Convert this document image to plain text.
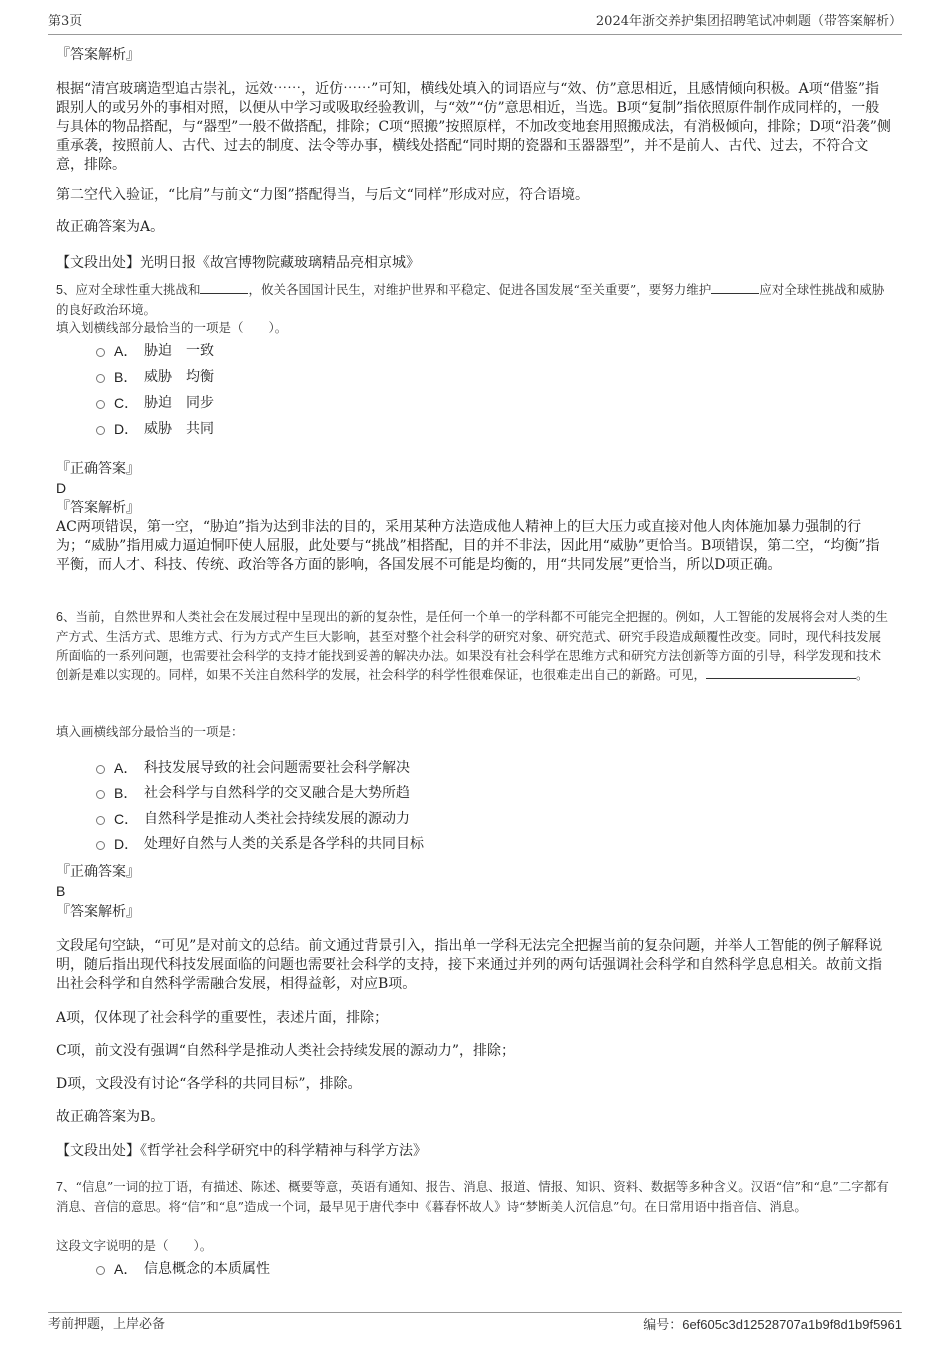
第3页	2024年浙交养护集团招聘笔试冲刺题（带答案解析）

『答案解析』

根据“清宫玻璃造型追古崇礼，远效⋯⋯，近仿⋯⋯”可知，横线处填入的词语应与“效、仿”意思相近，且感情倾向积极。A项“借鉴”指跟别人的或另外的事相对照，以便从中学习或吸取经验教训，与“效”“仿”意思相近，当选。B项“复制”指依照原件制作成同样的，一般与具体的物品搭配，与“器型”一般不做搭配，排除；C项“照搬”按照原样，不加改变地套用照搬成法，有消极倾向，排除；D项“沿袭”侧重承袭，按照前人、古代、过去的制度、法令等办事，横线处搭配“同时期的瓷器和玉器器型”，并不是前人、古代、过去，不符合文意，排除。

第二空代入验证，“比肩”与前文“力图”搭配得当，与后文“同样”形成对应，符合语境。

故正确答案为A。

【文段出处】光明日报《故宫博物院藏玻璃精品亮相京城》

5、应对全球性重大挑战和	，攸关各国国计民生，对维护世界和平稳定、促进各国发展“至关重要”，要努力维护	应对全球性挑战和威胁的良好政治环境。

填入划横线部分最恰当的一项是（　　）。

A． 胁迫　一致
B． 威胁　均衡
C． 胁迫　同步
D． 威胁　共同

『正确答案』

D

『答案解析』

AC两项错误，第一空，“胁迫”指为达到非法的目的，采用某种方法造成他人精神上的巨大压力或直接对他人肉体施加暴力强制的行为；“威胁”指用威力逼迫恫吓使人屈服，此处要与“挑战”相搭配，目的并不非法，因此用“威胁”更恰当。B项错误，第二空，“均衡”指平衡，而人才、科技、传统、政治等各方面的影响，各国发展不可能是均衡的，用“共同发展”更恰当，所以D项正确。

6、当前，自然世界和人类社会在发展过程中呈现出的新的复杂性，是任何一个单一的学科都不可能完全把握的。例如，人工智能的发展将会对人类的生产方式、生活方式、思维方式、行为方式产生巨大影响，甚至对整个社会科学的研究对象、研究范式、研究手段造成颠覆性改变。同时，现代科技发展所面临的一系列问题，也需要社会科学的支持才能找到妥善的解决办法。如果没有社会科学在思维方式和研究方法创新等方面的引导，科学发现和技术创新是难以实现的。同样，如果不关注自然科学的发展，社会科学的科学性很难保证，也很难走出自己的新路。可见，	。

填入画横线部分最恰当的一项是：

A． 科技发展导致的社会问题需要社会科学解决
B． 社会科学与自然科学的交叉融合是大势所趋
C． 自然科学是推动人类社会持续发展的源动力
D． 处理好自然与人类的关系是各学科的共同目标

『正确答案』

B

『答案解析』

文段尾句空缺，“可见”是对前文的总结。前文通过背景引入，指出单一学科无法完全把握当前的复杂问题，并举人工智能的例子解释说明，随后指出现代科技发展面临的问题也需要社会科学的支持，接下来通过并列的两句话强调社会科学和自然科学息息相关。故前文指出社会科学和自然科学需融合发展，相得益彰，对应B项。

A项，仅体现了社会科学的重要性，表述片面，排除；

C项，前文没有强调“自然科学是推动人类社会持续发展的源动力”，排除；

D项，文段没有讨论“各学科的共同目标”，排除。

故正确答案为B。

【文段出处】《哲学社会科学研究中的科学精神与科学方法》

7、“信息”一词的拉丁语，有描述、陈述、概要等意，英语有通知、报告、消息、报道、情报、知识、资料、数据等多种含义。汉语“信”和“息”二字都有消息、音信的意思。将“信”和“息”造成一个词，最早见于唐代李中《暮春怀故人》诗“梦断美人沉信息”句。在日常用语中指音信、消息。

这段文字说明的是（　　）。

A． 信息概念的本质属性
考前押题，上岸必备	编号：6ef605c3d12528707a1b9f8d1b9f5961
